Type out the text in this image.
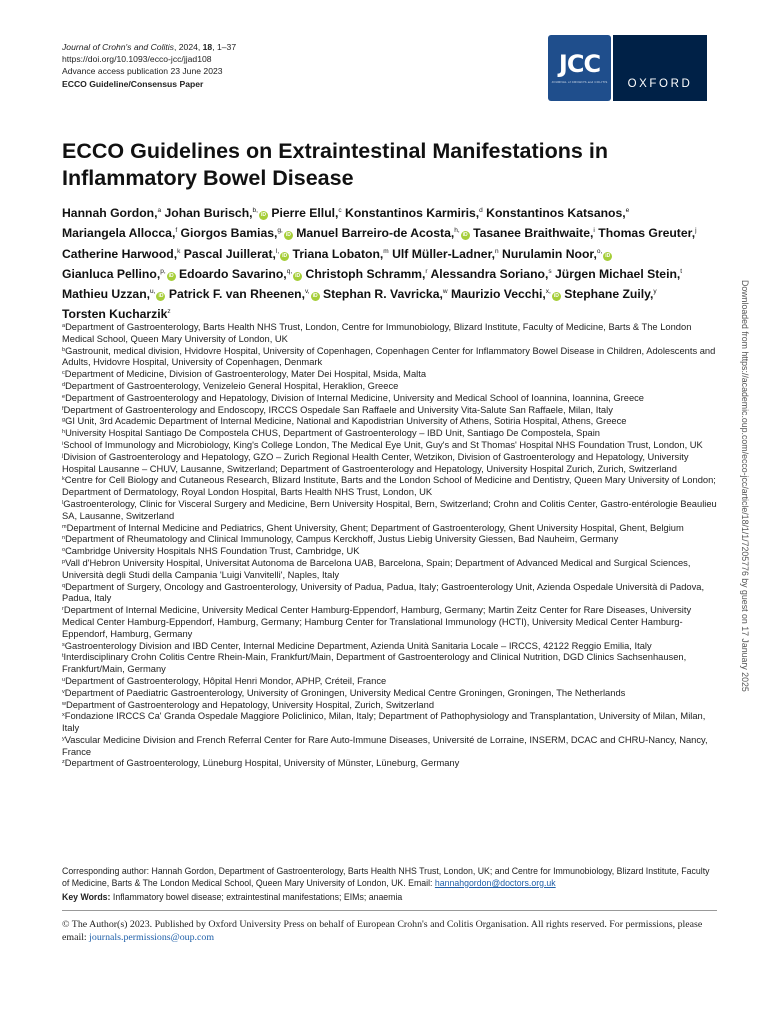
Journal of Crohn's and Colitis, 2024, 18, 1–37
https://doi.org/10.1093/ecco-jcc/jjad108
Advance access publication 23 June 2023
ECCO Guideline/Consensus Paper
JCC
JOURNAL of CROHN'S and COLITIS OXFORD
ECCO Guidelines on Extraintestinal Manifestations in Inflammatory Bowel Disease
Hannah Gordon,$^a$ Johan Burisch,$^{b,}$iD Pierre Ellul,$^c$ Konstantinos Karmiris,$^d$ Konstantinos Katsanos,$^e$ Mariangela Allocca,$^f$ Giorgos Bamias,$^{g,}$iD Manuel Barreiro-de Acosta,$^{h,}$iD Tasanee Braithwaite,$^i$ Thomas Greuter,$^j$ Catherine Harwood,$^k$ Pascal Juillerat,$^{l,}$iD Triana Lobaton,$^m$ Ulf Müller-Ladner,$^n$ Nurulamin Noor,$^{o,}$iD Gianluca Pellino,$^{p,}$iD Edoardo Savarino,$^{q,}$iD Christoph Schramm,$^r$ Alessandra Soriano,$^s$ Jürgen Michael Stein,$^t$ Mathieu Uzzan,$^{u,}$iD Patrick F. van Rheenen,$^{v,}$iD Stephan R. Vavricka,$^w$ Maurizio Vecchi,$^{x,}$iD Stephane Zuily,$^y$ Torsten Kucharzik$^z$
$^a$Department of Gastroenterology, Barts Health NHS Trust, London, Centre for Immunobiology, Blizard Institute, Faculty of Medicine, Barts & The London Medical School, Queen Mary University of London, UK
$^b$Gastrounit, medical division, Hvidovre Hospital, University of Copenhagen, Copenhagen Center for Inflammatory Bowel Disease in Children, Adolescents and Adults, Hvidovre Hospital, University of Copenhagen, Denmark
$^c$Department of Medicine, Division of Gastroenterology, Mater Dei Hospital, Msida, Malta
$^d$Department of Gastroenterology, Venizeleio General Hospital, Heraklion, Greece
$^e$Department of Gastroenterology and Hepatology, Division of Internal Medicine, University and Medical School of Ioannina, Ioannina, Greece
$^f$Department of Gastroenterology and Endoscopy, IRCCS Ospedale San Raffaele and University Vita-Salute San Raffaele, Milan, Italy
$^g$GI Unit, 3rd Academic Department of Internal Medicine, National and Kapodistrian University of Athens, Sotiria Hospital, Athens, Greece
$^h$University Hospital Santiago De Compostela CHUS, Department of Gastroenterology – IBD Unit, Santiago De Compostela, Spain
$^i$School of Immunology and Microbiology, King's College London, The Medical Eye Unit, Guy's and St Thomas' Hospital NHS Foundation Trust, London, UK
$^j$Division of Gastroenterology and Hepatology, GZO – Zurich Regional Health Center, Wetzikon, Division of Gastroenterology and Hepatology, University Hospital Lausanne – CHUV, Lausanne, Switzerland; Department of Gastroenterology and Hepatology, University Hospital Zurich, Zurich, Switzerland
$^k$Centre for Cell Biology and Cutaneous Research, Blizard Institute, Barts and the London School of Medicine and Dentistry, Queen Mary University of London; Department of Dermatology, Royal London Hospital, Barts Health NHS Trust, London, UK
$^l$Gastroenterology, Clinic for Visceral Surgery and Medicine, Bern University Hospital, Bern, Switzerland; Crohn and Colitis Center, Gastro-entérologie Beaulieu SA, Lausanne, Switzerland
$^m$Department of Internal Medicine and Pediatrics, Ghent University, Ghent; Department of Gastroenterology, Ghent University Hospital, Ghent, Belgium
$^n$Department of Rheumatology and Clinical Immunology, Campus Kerckhoff, Justus Liebig University Giessen, Bad Nauheim, Germany
$^o$Cambridge University Hospitals NHS Foundation Trust, Cambridge, UK
$^p$Vall d'Hebron University Hospital, Universitat Autonoma de Barcelona UAB, Barcelona, Spain; Department of Advanced Medical and Surgical Sciences, Università degli Studi della Campania 'Luigi Vanvitelli', Naples, Italy
$^q$Department of Surgery, Oncology and Gastroenterology, University of Padua, Padua, Italy; Gastroenterology Unit, Azienda Ospedale Università di Padova, Padua, Italy
$^r$Department of Internal Medicine, University Medical Center Hamburg-Eppendorf, Hamburg, Germany; Martin Zeitz Center for Rare Diseases, University Medical Center Hamburg-Eppendorf, Hamburg, Germany; Hamburg Center for Translational Immunology (HCTI), University Medical Center Hamburg-Eppendorf, Hamburg, Germany
$^s$Gastroenterology Division and IBD Center, Internal Medicine Department, Azienda Unità Sanitaria Locale – IRCCS, 42122 Reggio Emilia, Italy
$^t$Interdisciplinary Crohn Colitis Centre Rhein-Main, Frankfurt/Main, Department of Gastroenterology and Clinical Nutrition, DGD Clinics Sachsenhausen, Frankfurt/Main, Germany
$^u$Department of Gastroenterology, Hôpital Henri Mondor, APHP, Créteil, France
$^v$Department of Paediatric Gastroenterology, University of Groningen, University Medical Centre Groningen, Groningen, The Netherlands
$^w$Department of Gastroenterology and Hepatology, University Hospital, Zurich, Switzerland
$^x$Fondazione IRCCS Ca' Granda Ospedale Maggiore Policlinico, Milan, Italy; Department of Pathophysiology and Transplantation, University of Milan, Milan, Italy
$^y$Vascular Medicine Division and French Referral Center for Rare Auto-Immune Diseases, Université de Lorraine, INSERM, DCAC and CHRU-Nancy, Nancy, France
$^z$Department of Gastroenterology, Lüneburg Hospital, University of Münster, Lüneburg, Germany
Corresponding author: Hannah Gordon, Department of Gastroenterology, Barts Health NHS Trust, London, UK; and Centre for Immunobiology, Blizard Institute, Faculty of Medicine, Barts & The London Medical School, Queen Mary University of London, UK. Email: hannahgordon@doctors.org.uk
Key Words: Inflammatory bowel disease; extraintestinal manifestations; EIMs; anaemia
© The Author(s) 2023. Published by Oxford University Press on behalf of European Crohn's and Colitis Organisation. All rights reserved. For permissions, please email: journals.permissions@oup.com
Downloaded from https://academic.oup.com/ecco-jcc/article/18/1/1/7205776 by guest on 17 January 2025
